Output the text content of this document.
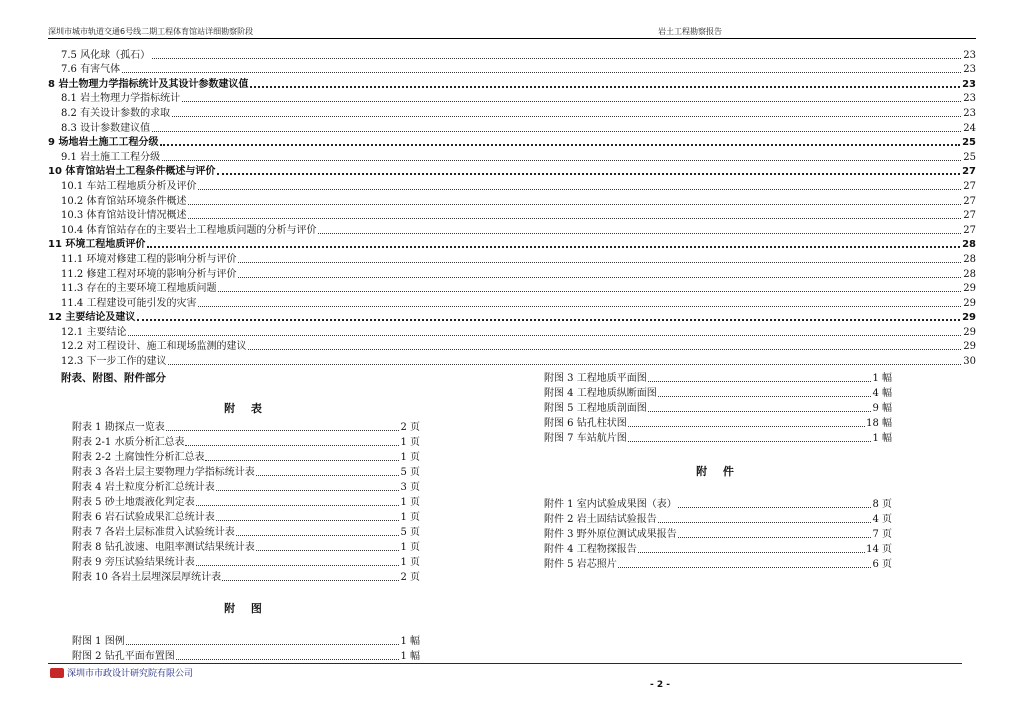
深圳市城市轨道交通6号线二期工程体育馆站详细勘察阶段	岩土工程勘察报告
7.5 风化球（孤石）	23
7.6 有害气体	23
8 岩土物理力学指标统计及其设计参数建议值	23
8.1 岩土物理力学指标统计	23
8.2 有关设计参数的求取	23
8.3 设计参数建议值	24
9 场地岩土施工工程分级	25
9.1 岩土施工工程分级	25
10 体育馆站岩土工程条件概述与评价	27
10.1 车站工程地质分析及评价	27
10.2 体育馆站环境条件概述	27
10.3 体育馆站设计情况概述	27
10.4 体育馆站存在的主要岩土工程地质问题的分析与评价	27
11 环境工程地质评价	28
11.1 环境对修建工程的影响分析与评价	28
11.2 修建工程对环境的影响分析与评价	28
11.3 存在的主要环境工程地质问题	29
11.4 工程建设可能引发的灾害	29
12 主要结论及建议	29
12.1 主要结论	29
12.2 对工程设计、施工和现场监测的建议	29
12.3 下一步工作的建议	30
附表、附图、附件部分
附 表
附表 1 勘探点一览表	2 页
附表 2-1 水质分析汇总表	1 页
附表 2-2 土腐蚀性分析汇总表	1 页
附表 3 各岩土层主要物理力学指标统计表	5 页
附表 4 岩土粒度分析汇总统计表	3 页
附表 5 砂土地震液化判定表	1 页
附表 6 岩石试验成果汇总统计表	1 页
附表 7 各岩土层标准贯入试验统计表	5 页
附表 8 钻孔波速、电阻率测试结果统计表	1 页
附表 9 旁压试验结果统计表	1 页
附表 10 各岩土层埋深层厚统计表	2 页
附 图
附图 1 图例	1 幅
附图 2 钻孔平面布置图	1 幅
附图 3 工程地质平面图	1 幅
附图 4 工程地质纵断面图	4 幅
附图 5 工程地质剖面图	9 幅
附图 6 钻孔柱状图	18 幅
附图 7 车站航片图	1 幅
附 件
附件 1 室内试验成果图（表）	8 页
附件 2 岩土固结试验报告	4 页
附件 3 野外原位测试成果报告	7 页
附件 4 工程物探报告	14 页
附件 5 岩芯照片	6 页
深圳市市政设计研究院有限公司
- 2 -
